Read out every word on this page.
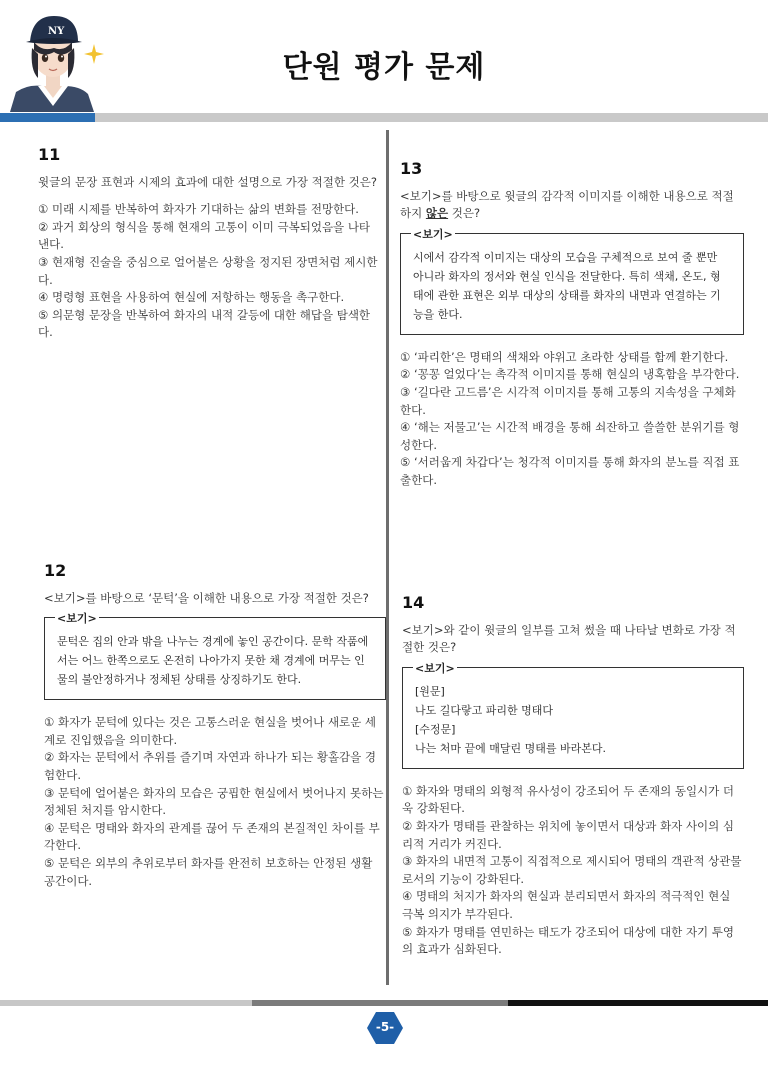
NY
단원 평가 문제
11

윗글의 문장 표현과 시제의 효과에 대한 설명으로 가장 적절한 것은?

① 미래 시제를 반복하여 화자가 기대하는 삶의 변화를 전망한다.

② 과거 회상의 형식을 통해 현재의 고통이 이미 극복되었음을 나타낸다.

③ 현재형 진술을 중심으로 얼어붙은 상황을 정지된 장면처럼 제시한다.

④ 명령형 표현을 사용하여 현실에 저항하는 행동을 촉구한다.

⑤ 의문형 문장을 반복하여 화자의 내적 갈등에 대한 해답을 탐색한다.

12

<보기>를 바탕으로 ‘문턱’을 이해한 내용으로 가장 적절한 것은?

<보기>

문턱은 집의 안과 밖을 나누는 경계에 놓인 공간이다. 문학 작품에서는 어느 한쪽으로도 온전히 나아가지 못한 채 경계에 머무는 인물의 불안정하거나 정체된 상태를 상징하기도 한다.

① 화자가 문턱에 있다는 것은 고통스러운 현실을 벗어나 새로운 세계로 진입했음을 의미한다.

② 화자는 문턱에서 추위를 즐기며 자연과 하나가 되는 황홀감을 경험한다.

③ 문턱에 얼어붙은 화자의 모습은 궁핍한 현실에서 벗어나지 못하는 정체된 처지를 암시한다.

④ 문턱은 명태와 화자의 관계를 끊어 두 존재의 본질적인 차이를 부각한다.

⑤ 문턱은 외부의 추위로부터 화자를 완전히 보호하는 안정된 생활 공간이다.

13

<보기>를 바탕으로 윗글의 감각적 이미지를 이해한 내용으로 적절하지 않은 것은?

<보기>

시에서 감각적 이미지는 대상의 모습을 구체적으로 보여 줄 뿐만 아니라 화자의 정서와 현실 인식을 전달한다. 특히 색채, 온도, 형태에 관한 표현은 외부 대상의 상태를 화자의 내면과 연결하는 기능을 한다.

① ‘파리한’은 명태의 색채와 야위고 초라한 상태를 함께 환기한다.

② ‘꽁꽁 얼었다’는 촉각적 이미지를 통해 현실의 냉혹함을 부각한다.

③ ‘길다란 고드름’은 시각적 이미지를 통해 고통의 지속성을 구체화한다.

④ ‘해는 저물고’는 시간적 배경을 통해 쇠잔하고 쓸쓸한 분위기를 형성한다.

⑤ ‘서러웁게 차갑다’는 청각적 이미지를 통해 화자의 분노를 직접 표출한다.

14

<보기>와 같이 윗글의 일부를 고쳐 썼을 때 나타날 변화로 가장 적절한 것은?

<보기>

[원문]

나도 길다랗고 파리한 명태다

[수정문]

나는 처마 끝에 매달린 명태를 바라본다.

① 화자와 명태의 외형적 유사성이 강조되어 두 존재의 동일시가 더욱 강화된다.

② 화자가 명태를 관찰하는 위치에 놓이면서 대상과 화자 사이의 심리적 거리가 커진다.

③ 화자의 내면적 고통이 직접적으로 제시되어 명태의 객관적 상관물로서의 기능이 강화된다.

④ 명태의 처지가 화자의 현실과 분리되면서 화자의 적극적인 현실 극복 의지가 부각된다.

⑤ 화자가 명태를 연민하는 태도가 강조되어 대상에 대한 자기 투영의 효과가 심화된다.

-5-
